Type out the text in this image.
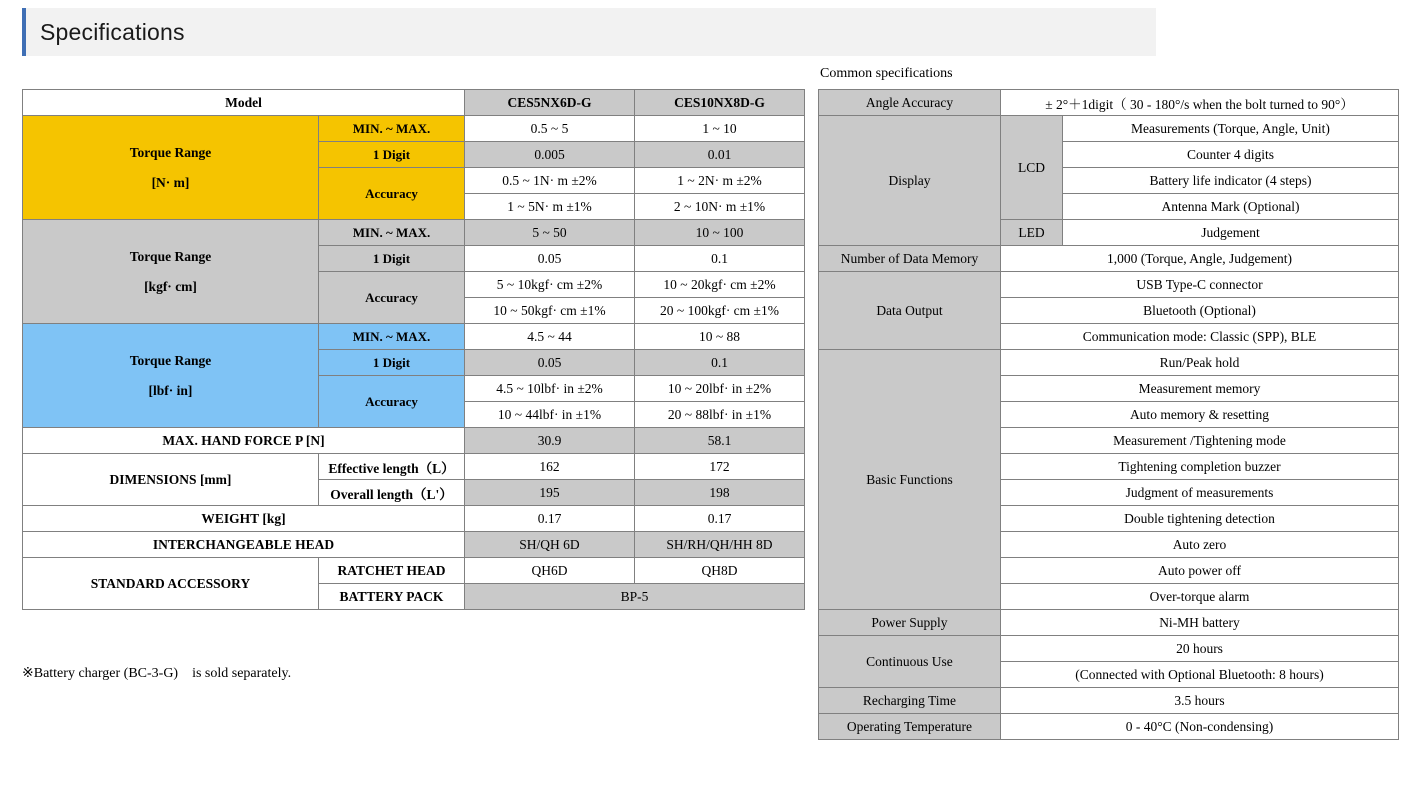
Specifications
Model		CES5NX6D-G	CES10NX8D-G

Torque Range
[N· m]	MIN. ~ MAX.	0.5 ~ 5	1 ~ 10
	1 Digit	0.005	0.01
	Accuracy	0.5 ~ 1N· m ±2%	1 ~ 2N· m ±2%
		1 ~ 5N· m ±1%	2 ~ 10N· m ±1%

Torque Range
[kgf· cm]	MIN. ~ MAX.	5 ~ 50	10 ~ 100
	1 Digit	0.05	0.1
	Accuracy	5 ~ 10kgf· cm ±2%	10 ~ 20kgf· cm ±2%
		10 ~ 50kgf· cm ±1%	20 ~ 100kgf· cm ±1%

Torque Range
[lbf· in]	MIN. ~ MAX.	4.5 ~ 44	10 ~ 88
	1 Digit	0.05	0.1
	Accuracy	4.5 ~ 10lbf· in ±2%	10 ~ 20lbf· in ±2%
		10 ~ 44lbf· in ±1%	20 ~ 88lbf· in ±1%
MAX. HAND FORCE P [N]		30.9	58.1
DIMENSIONS [mm]	Effective length（L）	162	172
	Overall length（L'）	195	198
WEIGHT [kg]		0.17	0.17
INTERCHANGEABLE HEAD		SH/QH 6D	SH/RH/QH/HH 8D
STANDARD ACCESSORY	RATCHET HEAD	QH6D	QH8D
	BATTERY PACK	BP-5	
※Battery charger (BC-3-G)　is sold separately.
Common specifications
Angle Accuracy	± 2°＋1digit（ 30 - 180°/s when the bolt turned to 90°）	
Display	LCD	Measurements (Torque, Angle, Unit)
		Counter 4 digits
		Battery life indicator (4 steps)
		Antenna Mark (Optional)
	LED	Judgement
Number of Data Memory	1,000 (Torque, Angle, Judgement)	
Data Output	USB Type-C connector	
	Bluetooth (Optional)	
	Communication mode: Classic (SPP), BLE	
Basic Functions	Run/Peak hold	
	Measurement memory	
	Auto memory & resetting	
	Measurement /Tightening mode	
	Tightening completion buzzer	
	Judgment of measurements	
	Double tightening detection	
	Auto zero	
	Auto power off	
	Over-torque alarm	
Power Supply	Ni-MH battery	
Continuous Use	20 hours	
	(Connected with Optional Bluetooth: 8 hours)	
Recharging Time	3.5 hours	
Operating Temperature	0 - 40°C (Non-condensing)	
